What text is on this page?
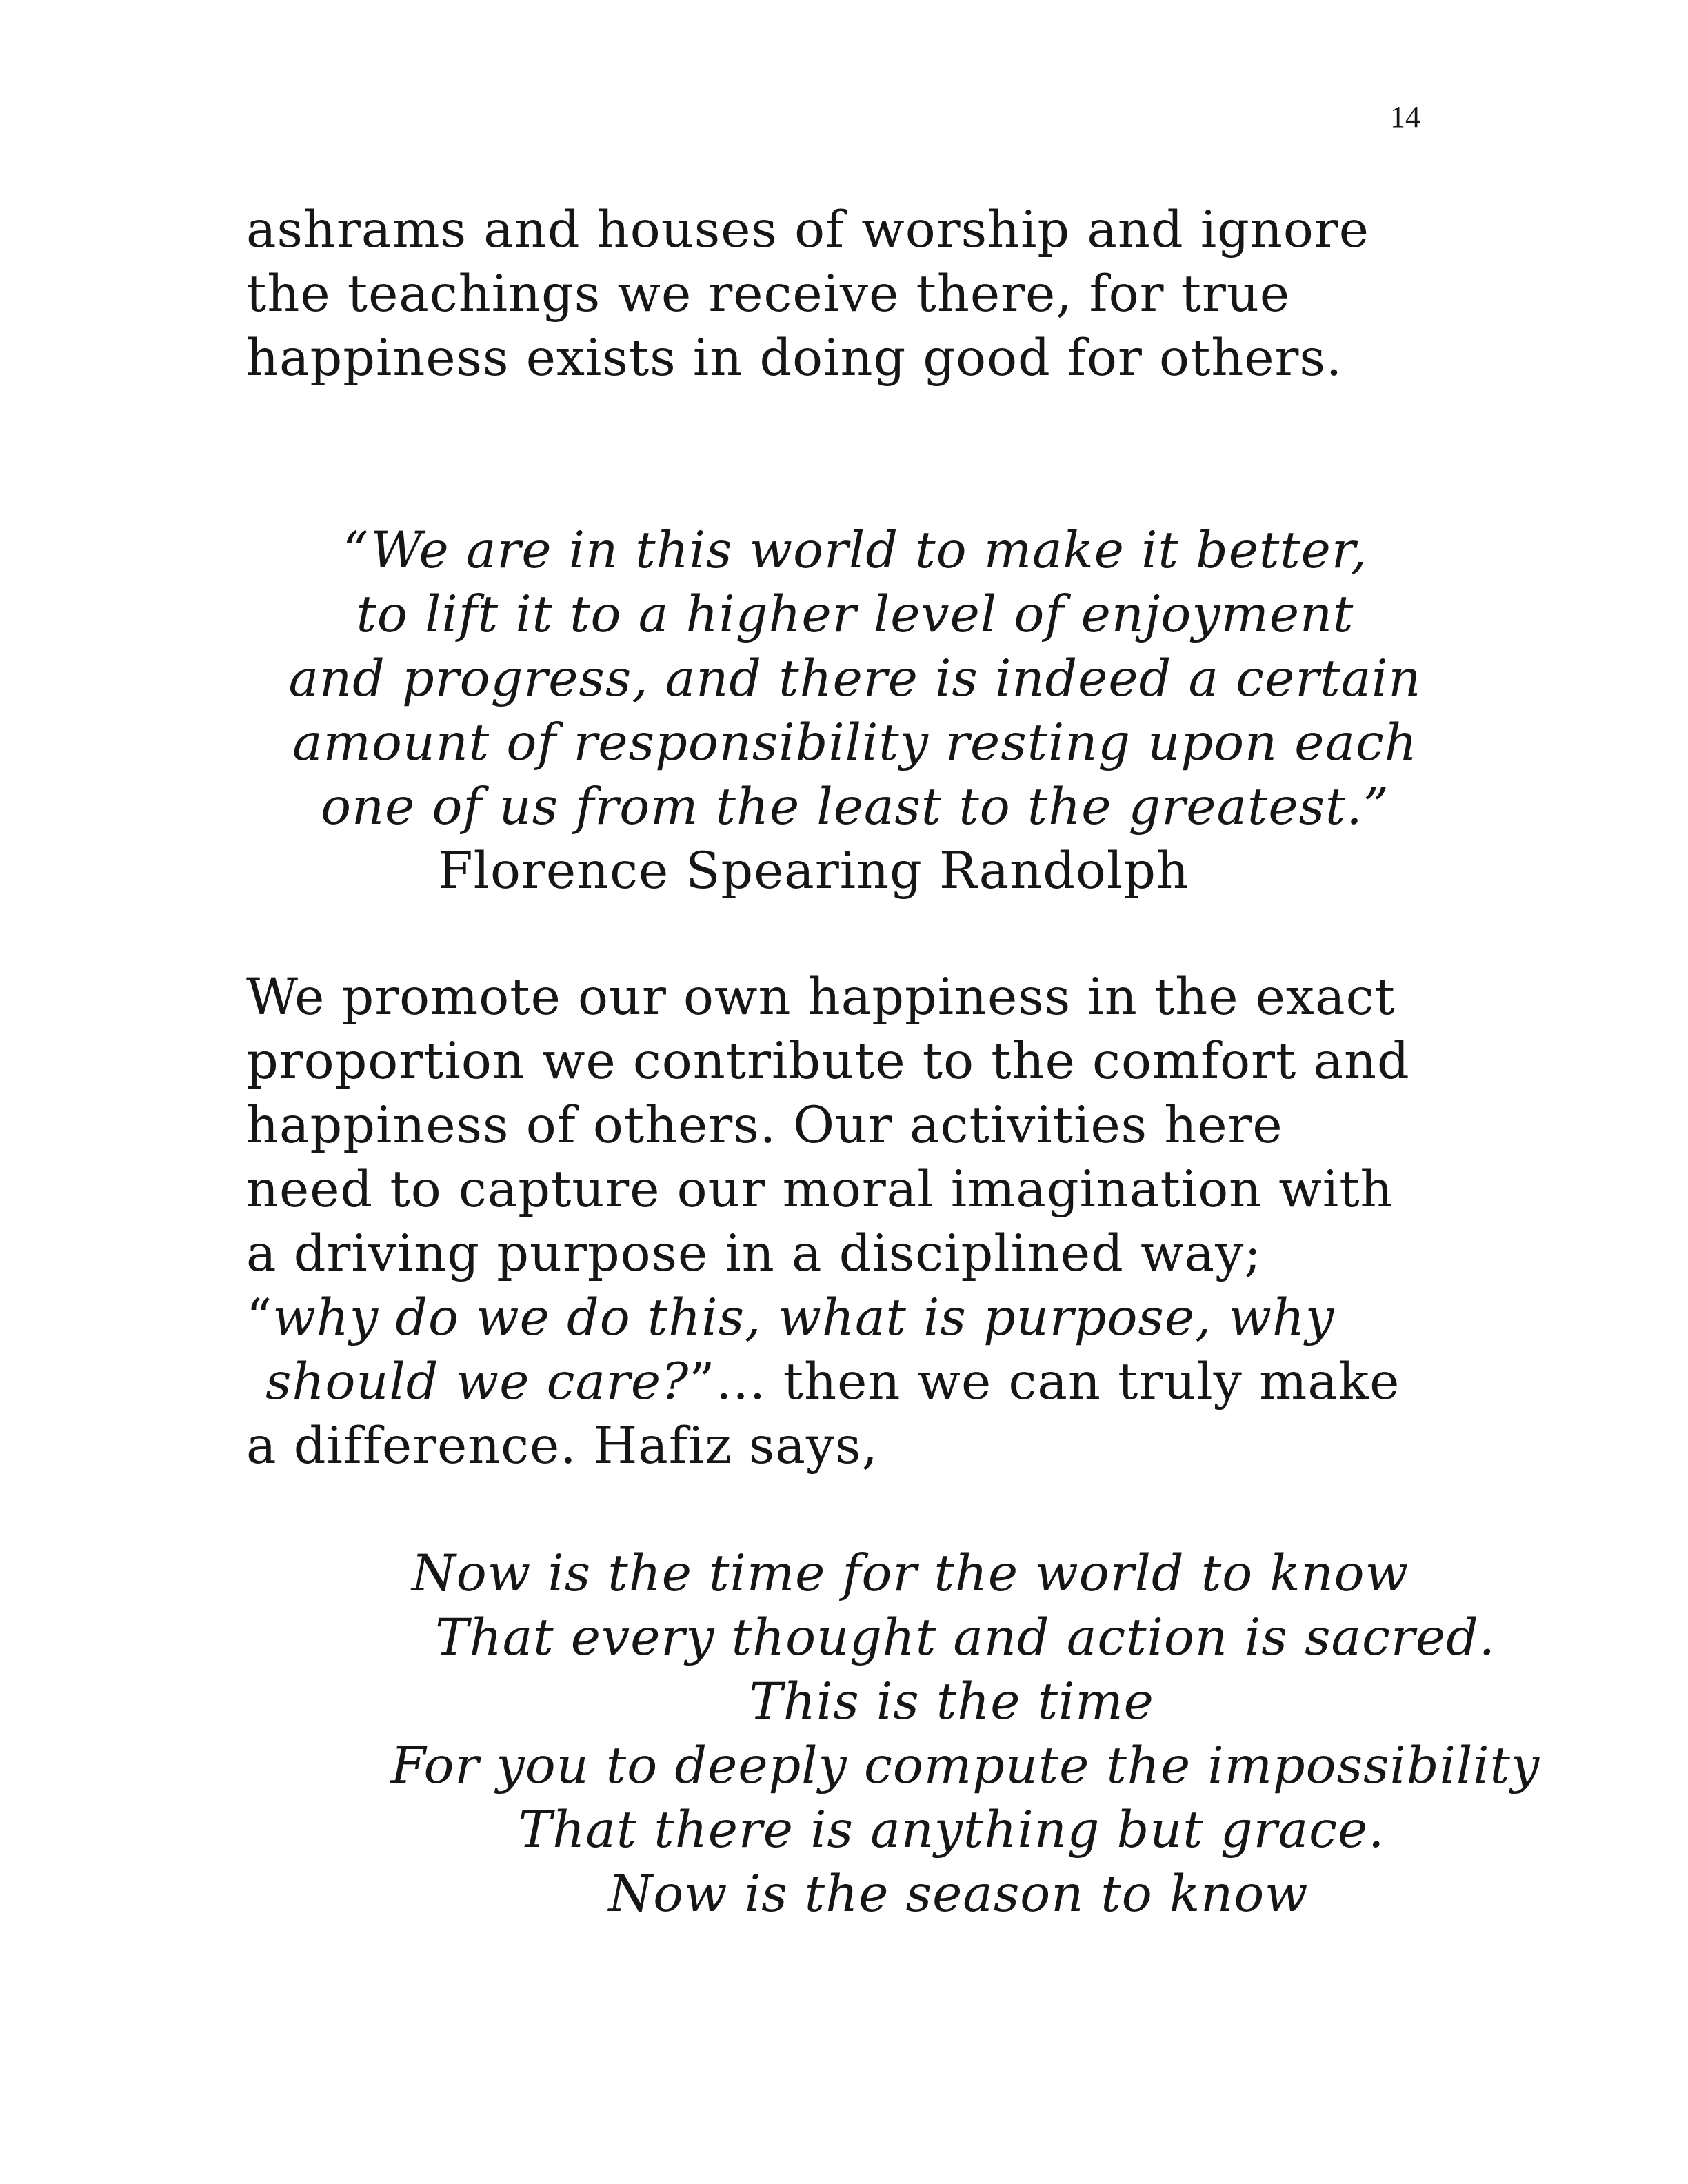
14
ashrams and houses of worship and ignore
the teachings we receive there, for true
happiness exists in doing good for others.
“We are in this world to make it better,
to lift it to a higher level of enjoyment
and progress, and there is indeed a certain
amount of responsibility resting upon each
one of us from the least to the greatest.”
Florence Spearing Randolph
We promote our own happiness in the exact
proportion we contribute to the comfort and
happiness of others. Our activities here
need to capture our moral imagination with
a driving purpose in a disciplined way;
“why do we do this, what is purpose, why
should we care?”… then we can truly make
a difference. Hafiz says,
Now is the time for the world to know
That every thought and action is sacred.
This is the time
For you to deeply compute the impossibility
That there is anything but grace.
Now is the season to know
